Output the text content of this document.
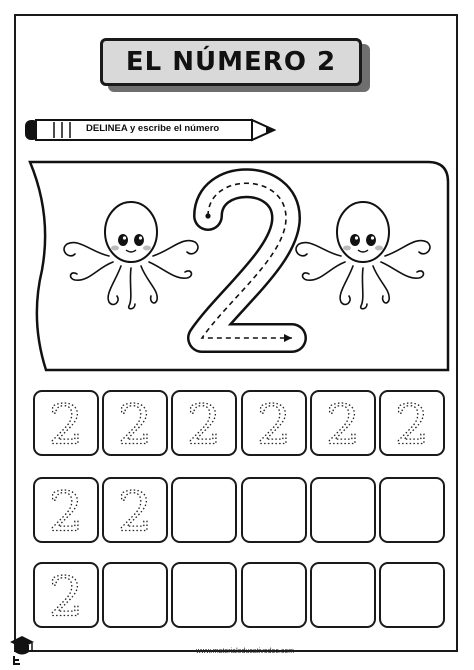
EL NÚMERO 2
DELINEA y escribe el número
2 2 2 2 2 2
2 2
2
www.materialeducativodoc.com
